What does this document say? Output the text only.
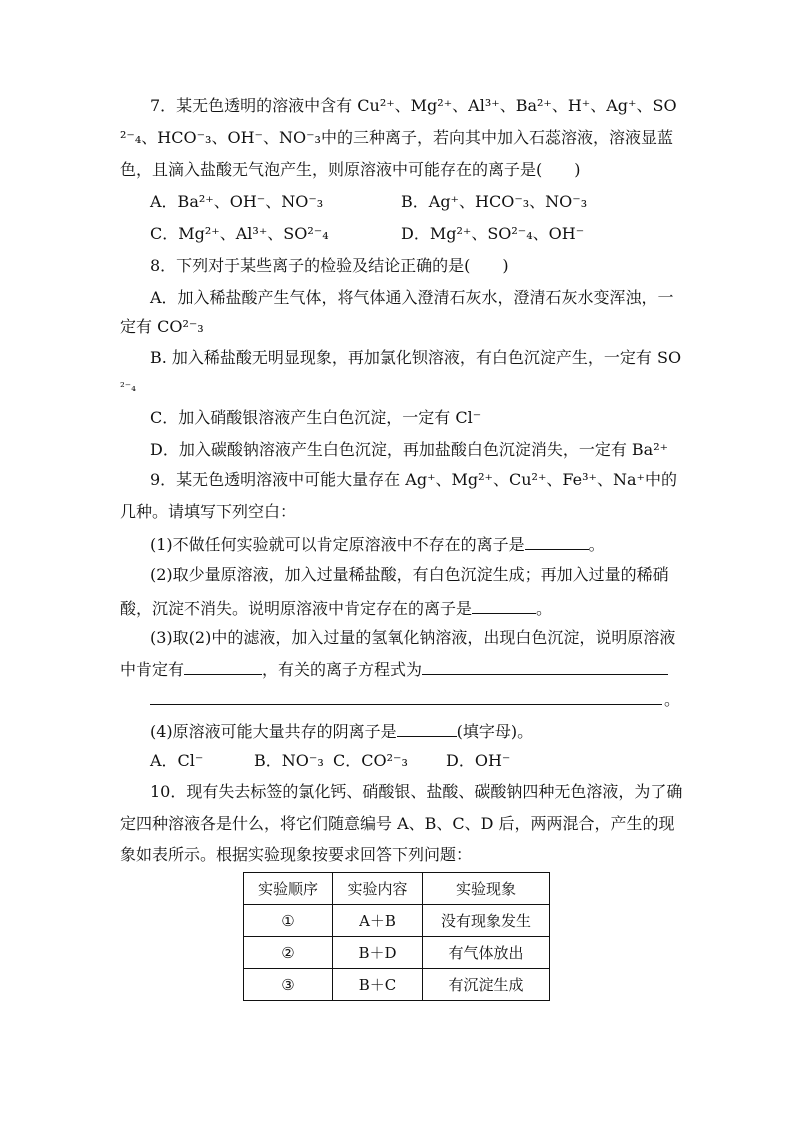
7．某无色透明的溶液中含有 Cu²⁺、Mg²⁺、Al³⁺、Ba²⁺、H⁺、Ag⁺、SO
²⁻₄、HCO⁻₃、OH⁻、NO⁻₃中的三种离子，若向其中加入石蕊溶液，溶液显蓝
色，且滴入盐酸无气泡产生，则原溶液中可能存在的离子是(　　)
A．Ba²⁺、OH⁻、NO⁻₃	B．Ag⁺、HCO⁻₃、NO⁻₃
C．Mg²⁺、Al³⁺、SO²⁻₄	D．Mg²⁺、SO²⁻₄、OH⁻
8．下列对于某些离子的检验及结论正确的是(　　)
A．加入稀盐酸产生气体，将气体通入澄清石灰水，澄清石灰水变浑浊，一
定有 CO²⁻₃
B. 加入稀盐酸无明显现象，再加氯化钡溶液，有白色沉淀产生，一定有 SO
²⁻₄
C．加入硝酸银溶液产生白色沉淀，一定有 Cl⁻
D．加入碳酸钠溶液产生白色沉淀，再加盐酸白色沉淀消失，一定有 Ba²⁺
9．某无色透明溶液中可能大量存在 Ag⁺、Mg²⁺、Cu²⁺、Fe³⁺、Na⁺中的
几种。请填写下列空白：
(1)不做任何实验就可以肯定原溶液中不存在的离子是	。
(2)取少量原溶液，加入过量稀盐酸，有白色沉淀生成；再加入过量的稀硝
酸，沉淀不消失。说明原溶液中肯定存在的离子是	。
(3)取(2)中的滤液，加入过量的氢氧化钠溶液，出现白色沉淀，说明原溶液
中肯定有	，有关的离子方程式为
。
(4)原溶液可能大量共存的阴离子是	(填字母)。
A．Cl⁻	B．NO⁻₃ C．CO²⁻₃ D．OH⁻
10．现有失去标签的氯化钙、硝酸银、盐酸、碳酸钠四种无色溶液，为了确
定四种溶液各是什么，将它们随意编号 A、B、C、D 后，两两混合，产生的现
象如表所示。根据实验现象按要求回答下列问题：
实验顺序	实验内容	实验现象
①	A＋B	没有现象发生
②	B＋D	有气体放出
③	B＋C	有沉淀生成
